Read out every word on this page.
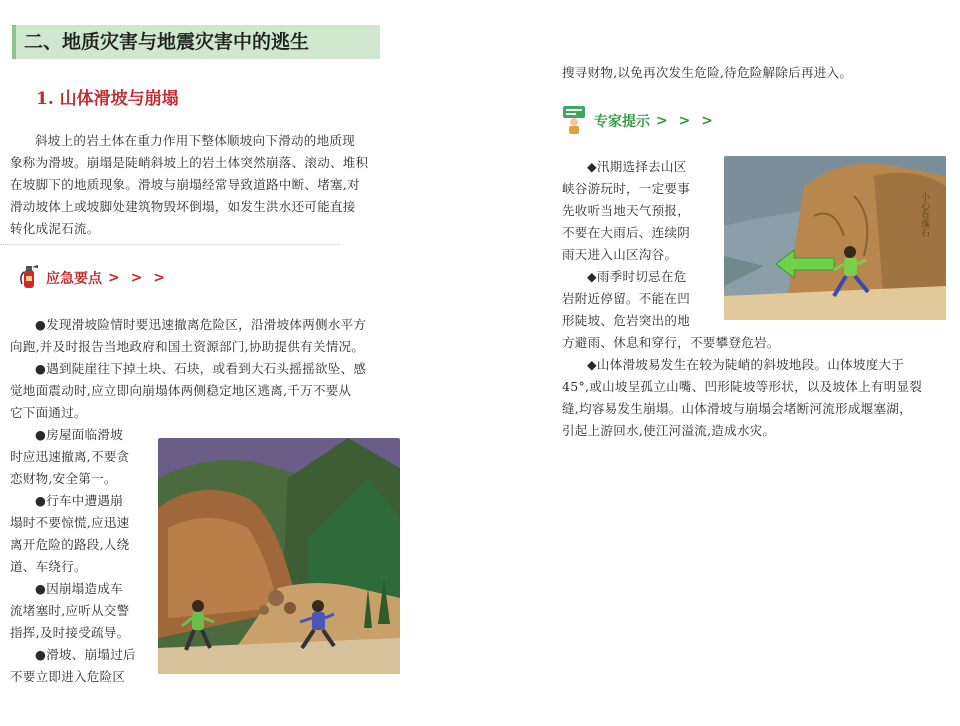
二、地质灾害与地震灾害中的逃生
1. 山体滑坡与崩塌
斜坡上的岩土体在重力作用下整体顺坡向下滑动的地质现
象称为滑坡。崩塌是陡峭斜坡上的岩土体突然崩落、滚动、堆积
在坡脚下的地质现象。滑坡与崩塌经常导致道路中断、堵塞,对
滑动坡体上或坡脚处建筑物毁坏倒塌，如发生洪水还可能直接
转化成泥石流。
应急要点 > > >
●发现滑坡险情时要迅速撤离危险区，沿滑坡体两侧水平方
向跑,并及时报告当地政府和国土资源部门,协助提供有关情况。
●遇到陡崖往下掉土块、石块，或看到大石头摇摇欲坠、感
觉地面震动时,应立即向崩塌体两侧稳定地区逃离,千万不要从
它下面通过。
●房屋面临滑坡
时应迅速撤离,不要贪
恋财物,安全第一。
●行车中遭遇崩
塌时不要惊慌,应迅速
离开危险的路段,人绕
道、车绕行。
●因崩塌造成车
流堵塞时,应听从交警
指挥,及时接受疏导。
●滑坡、崩塌过后
不要立即进入危险区
搜寻财物,以免再次发生危险,待危险解除后再进入。
专家提示 > > >
◆汛期选择去山区
峡谷游玩时，一定要事
先收听当地天气预报，
不要在大雨后、连续阴
雨天进入山区沟谷。
◆雨季时切忌在危
岩附近停留。不能在凹
形陡坡、危岩突出的地
小心有落石
方避雨、休息和穿行，不要攀登危岩。
◆山体滑坡易发生在较为陡峭的斜坡地段。山体坡度大于
45°,或山坡呈孤立山嘴、凹形陡坡等形状，以及坡体上有明显裂
缝,均容易发生崩塌。山体滑坡与崩塌会堵断河流形成堰塞湖，
引起上游回水,使江河溢流,造成水灾。
